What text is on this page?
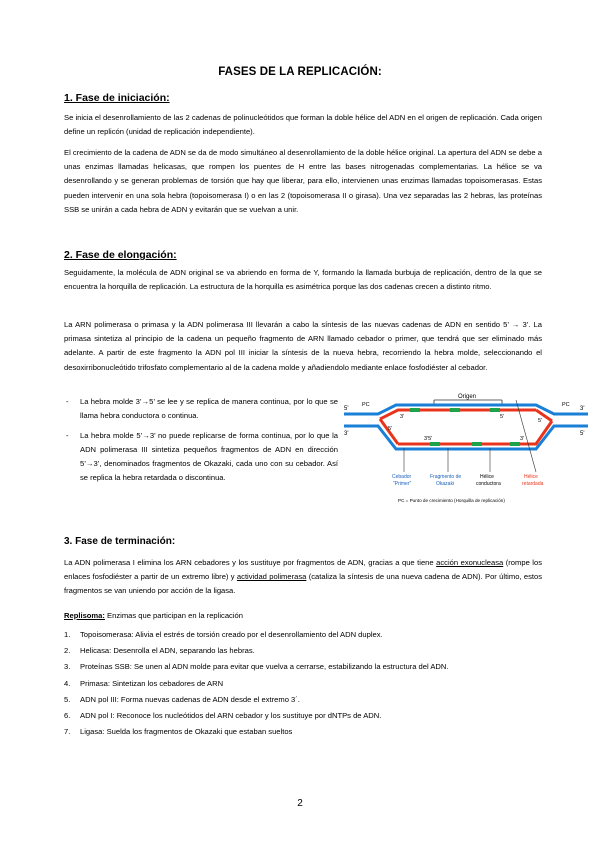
FASES DE LA REPLICACIÓN:
1. Fase de iniciación:
Se inicia el desenrollamiento de las 2 cadenas de polinucleótidos que forman la doble hélice del ADN en el origen de replicación. Cada origen define un replicón (unidad de replicación independiente).
El crecimiento de la cadena de ADN se da de modo simultáneo al desenrollamiento de la doble hélice original. La apertura del ADN se debe a unas enzimas llamadas helicasas, que rompen los puentes de H entre las bases nitrogenadas complementarias. La hélice se va desenrollando y se generan problemas de torsión que hay que liberar, para ello, intervienen unas enzimas llamadas topoisomerasas. Estas pueden intervenir en una sola hebra (topoisomerasa I) o en las 2 (topoisomerasa II o girasa). Una vez separadas las 2 hebras, las proteínas SSB se unirán a cada hebra de ADN y evitarán que se vuelvan a unir.
2. Fase de elongación:
Seguidamente, la molécula de ADN original se va abriendo en forma de Y, formando la llamada burbuja de replicación, dentro de la que se encuentra la horquilla de replicación. La estructura de la horquilla es asimétrica porque las dos cadenas crecen a distinto ritmo.
La ARN polimerasa o primasa y la ADN polimerasa III llevarán a cabo la síntesis de las nuevas cadenas de ADN en sentido 5’ → 3’. La primasa sintetiza al principio de la cadena un pequeño fragmento de ARN llamado cebador o primer, que tendrá que ser eliminado más adelante. A partir de este fragmento la ADN pol III iniciar la síntesis de la nueva hebra, recorriendo la hebra molde, seleccionando el desoxirribonucleótido trifosfato complementario al de la cadena molde y añadiendolo mediante enlace fosfodiéster al cebador.
- La hebra molde 3’→5’ se lee y se replica de manera continua, por lo que se llama hebra conductora o continua.
- La hebra molde 5’→3’ no puede replicarse de forma continua, por lo que la ADN polimerasa III sintetiza pequeños fragmentos de ADN en dirección 5’→3’, denominados fragmentos de Okazaki, cada uno con su cebador. Así se replica la hebra retardada o discontinua.
Origen
5'
3'
3'
5'
PC	PC
5'
5'
3'5'
5'
3'
3'
Cebador
"Primer"
Fragmento de
Okazaki
Hélice
conductora
Hélice
retardada
PC = Punto de crecimiento (Horquilla de replicación)
3. Fase de terminación:
La ADN polimerasa I elimina los ARN cebadores y los sustituye por fragmentos de ADN, gracias a que tiene acción exonucleasa (rompe los enlaces fosfodiéster a partir de un extremo libre) y actividad polimerasa (cataliza la síntesis de una nueva cadena de ADN). Por último, estos fragmentos se van uniendo por acción de la ligasa.
Replisoma: Enzimas que participan en la replicación
1. Topoisomerasa: Alivia el estrés de torsión creado por el desenrollamiento del ADN duplex.
2. Helicasa: Desenrolla el ADN, separando las hebras.
3. Proteínas SSB: Se unen al ADN molde para evitar que vuelva a cerrarse, estabilizando la estructura del ADN.
4. Primasa: Sintetizan los cebadores de ARN
5. ADN pol III: Forma nuevas cadenas de ADN desde el extremo 3´.
6. ADN pol I: Reconoce los nucleótidos del ARN cebador y los sustituye por dNTPs de ADN.
7. Ligasa: Suelda los fragmentos de Okazaki que estaban sueltos
2
